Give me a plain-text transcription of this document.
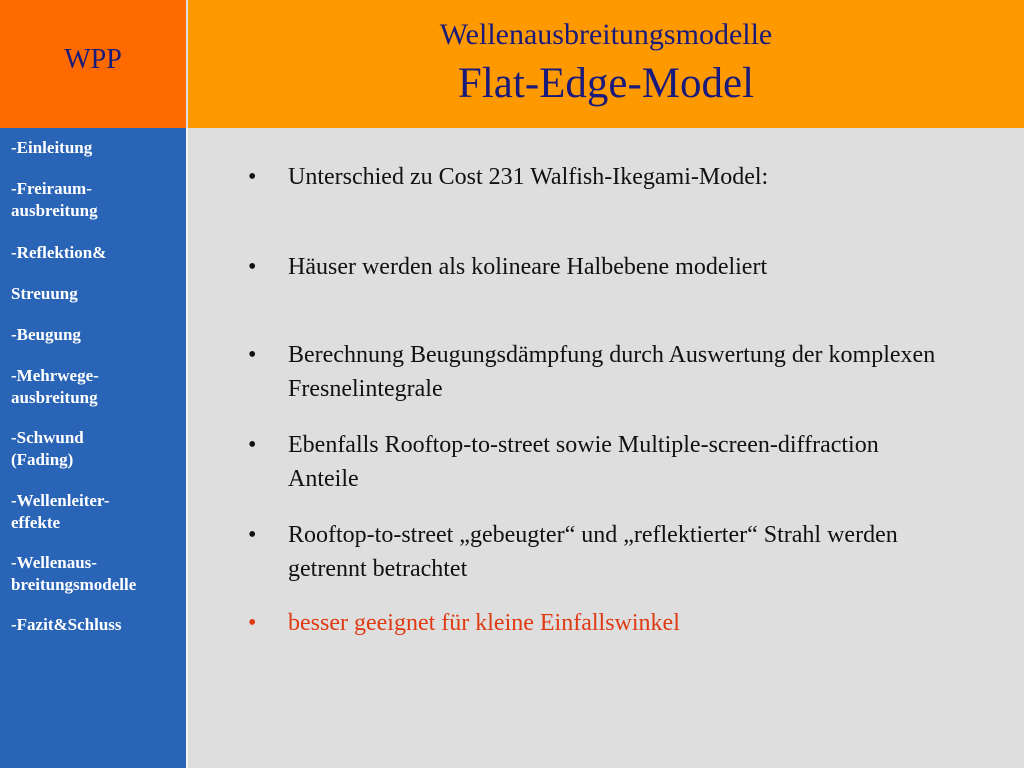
WPP
Wellenausbreitungsmodelle
Flat-Edge-Model
-Einleitung
-Freiraum-
ausbreitung
-Reflektion&
Streuung
-Beugung
-Mehrwege-
ausbreitung
-Schwund
(Fading)
-Wellenleiter-
effekte
-Wellenaus-
breitungsmodelle
-Fazit&Schluss
• Unterschied zu Cost 231 Walfish-Ikegami-Model:
• Häuser werden als kolineare Halbebene modeliert
• Berechnung Beugungsdämpfung durch Auswertung der komplexen Fresnelintegrale
• Ebenfalls Rooftop-to-street sowie Multiple-screen-diffraction Anteile
• Rooftop-to-street „gebeugter“ und „reflektierter“ Strahl werden getrennt betrachtet
• besser geeignet für kleine Einfallswinkel
